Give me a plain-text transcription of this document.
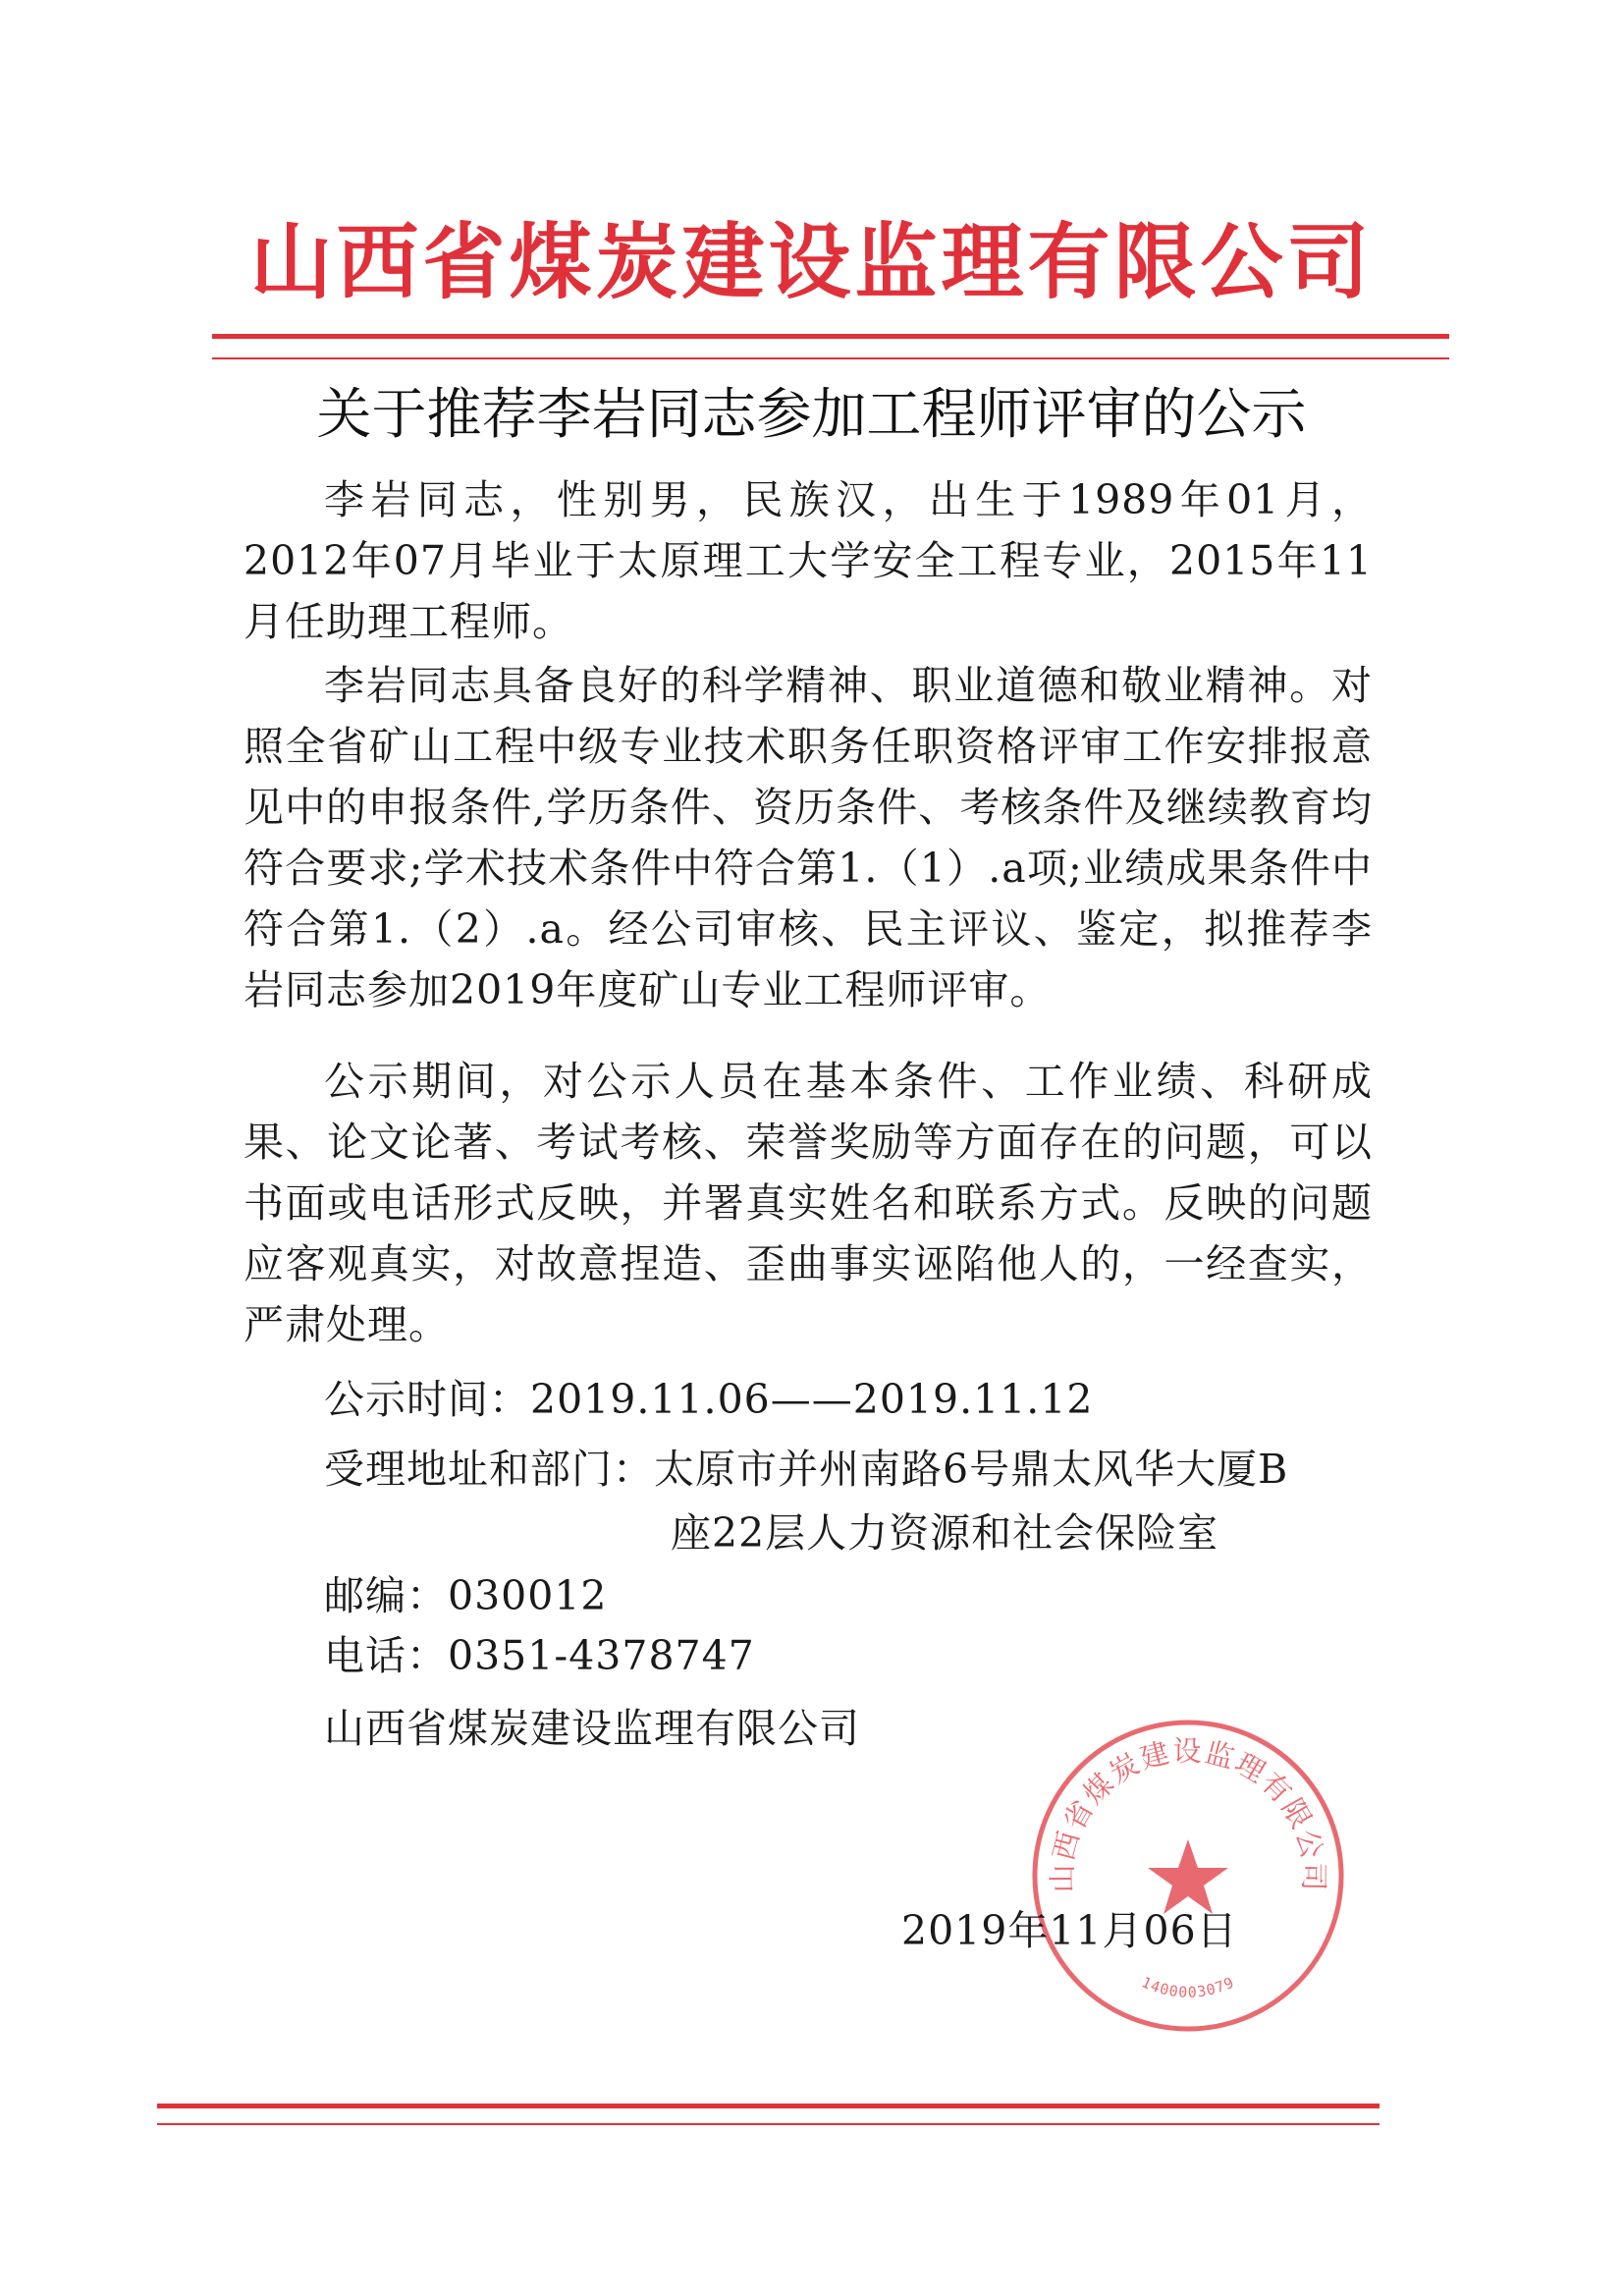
山西省煤炭建设监理有限公司
关于推荐李岩同志参加工程师评审的公示

李岩同志，性别男，民族汉，出生于1989年01月，2012年07月毕业于太原理工大学安全工程专业，2015年11月任助理工程师。

李岩同志具备良好的科学精神、职业道德和敬业精神。对照全省矿山工程中级专业技术职务任职资格评审工作安排报意见中的申报条件,学历条件、资历条件、考核条件及继续教育均符合要求;学术技术条件中符合第1.（1）.a项;业绩成果条件中符合第1.（2）.a。经公司审核、民主评议、鉴定，拟推荐李岩同志参加2019年度矿山专业工程师评审。

公示期间，对公示人员在基本条件、工作业绩、科研成果、论文论著、考试考核、荣誉奖励等方面存在的问题，可以书面或电话形式反映，并署真实姓名和联系方式。反映的问题应客观真实，对故意捏造、歪曲事实诬陷他人的，一经查实，严肃处理。

公示时间：2019.11.06——2019.11.12
受理地址和部门：太原市并州南路6号鼎太风华大厦B
座22层人力资源和社会保险室
邮编：030012
电话：0351-4378747
山西省煤炭建设监理有限公司
山西省煤炭建设监理有限公司
1400003079
2019年11月06日
